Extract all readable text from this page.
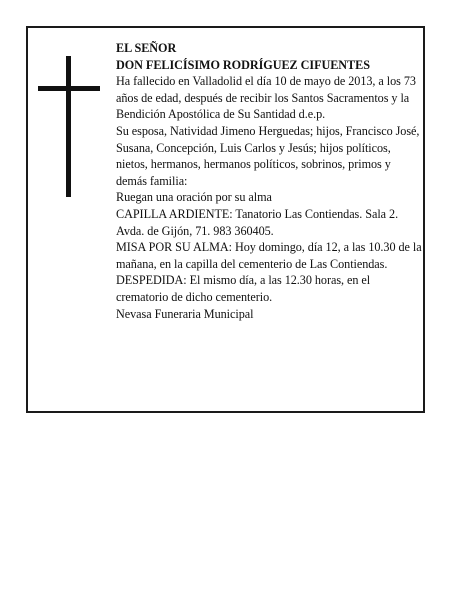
EL SEÑOR

DON FELICÍSIMO RODRÍGUEZ CIFUENTES

Ha fallecido en Valladolid el día 10 de mayo de 2013, a los 73 años de edad, después de recibir los Santos Sacramentos y la Bendición Apostólica de Su Santidad d.e.p.

Su esposa, Natividad Jimeno Herguedas; hijos, Francisco José, Susana, Concepción, Luis Carlos y Jesús; hijos políticos, nietos, hermanos, hermanos políticos, sobrinos, primos y demás familia:

Ruegan una oración por su alma

CAPILLA ARDIENTE: Tanatorio Las Contiendas. Sala 2. Avda. de Gijón, 71. 983 360405.

MISA POR SU ALMA: Hoy domingo, día 12, a las 10.30 de la mañana, en la capilla del cementerio de Las Contiendas.

DESPEDIDA: El mismo día, a las 12.30 horas, en el crematorio de dicho cementerio.

Nevasa Funeraria Municipal
